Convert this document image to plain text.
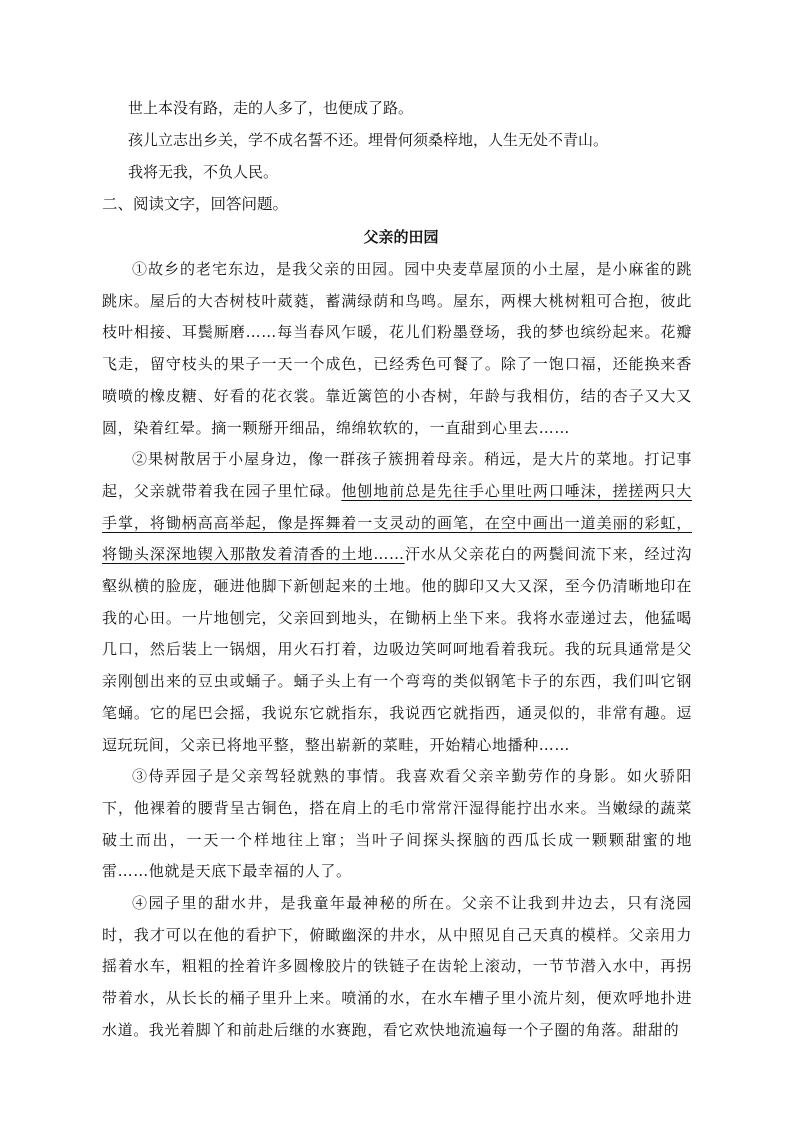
世上本没有路，走的人多了，也便成了路。
孩儿立志出乡关，学不成名誓不还。埋骨何须桑梓地，人生无处不青山。
我将无我，不负人民。
二、阅读文字，回答问题。
父亲的田园

①故乡的老宅东边，是我父亲的田园。园中央麦草屋顶的小土屋，是小麻雀的跳跳床。屋后的大杏树枝叶葳蕤，蓄满绿荫和鸟鸣。屋东，两棵大桃树粗可合抱，彼此枝叶相接、耳鬓厮磨……每当春风乍暖，花儿们粉墨登场，我的梦也缤纷起来。花瓣飞走，留守枝头的果子一天一个成色，已经秀色可餐了。除了一饱口福，还能换来香喷喷的橡皮糖、好看的花衣裳。靠近篱笆的小杏树，年龄与我相仿，结的杏子又大又圆，染着红晕。摘一颗掰开细品，绵绵软软的，一直甜到心里去……

②果树散居于小屋身边，像一群孩子簇拥着母亲。稍远，是大片的菜地。打记事起，父亲就带着我在园子里忙碌。他刨地前总是先往手心里吐两口唾沫，搓搓两只大手掌，将锄柄高高举起，像是挥舞着一支灵动的画笔，在空中画出一道美丽的彩虹，将锄头深深地锲入那散发着清香的土地……汗水从父亲花白的两鬓间流下来，经过沟壑纵横的脸庞，砸进他脚下新刨起来的土地。他的脚印又大又深，至今仍清晰地印在我的心田。一片地刨完，父亲回到地头，在锄柄上坐下来。我将水壶递过去，他猛喝几口，然后装上一锅烟，用火石打着，边吸边笑呵呵地看着我玩。我的玩具通常是父亲刚刨出来的豆虫或蛹子。蛹子头上有一个弯弯的类似钢笔卡子的东西，我们叫它钢笔蛹。它的尾巴会摇，我说东它就指东，我说西它就指西，通灵似的，非常有趣。逗逗玩玩间，父亲已将地平整，整出崭新的菜畦，开始精心地播种……

③侍弄园子是父亲驾轻就熟的事情。我喜欢看父亲辛勤劳作的身影。如火骄阳下，他裸着的腰背呈古铜色，搭在肩上的毛巾常常汗湿得能拧出水来。当嫩绿的蔬菜破土而出，一天一个样地往上窜；当叶子间探头探脑的西瓜长成一颗颗甜蜜的地雷……他就是天底下最幸福的人了。

④园子里的甜水井，是我童年最神秘的所在。父亲不让我到井边去，只有浇园时，我才可以在他的看护下，俯瞰幽深的井水，从中照见自己天真的模样。父亲用力摇着水车，粗粗的拴着许多圆橡胶片的铁链子在齿轮上滚动，一节节潜入水中，再拐带着水，从长长的桶子里升上来。喷涌的水，在水车槽子里小流片刻，便欢呼地扑进水道。我光着脚丫和前赴后继的水赛跑，看它欢快地流遍每一个子圈的角落。甜甜的
